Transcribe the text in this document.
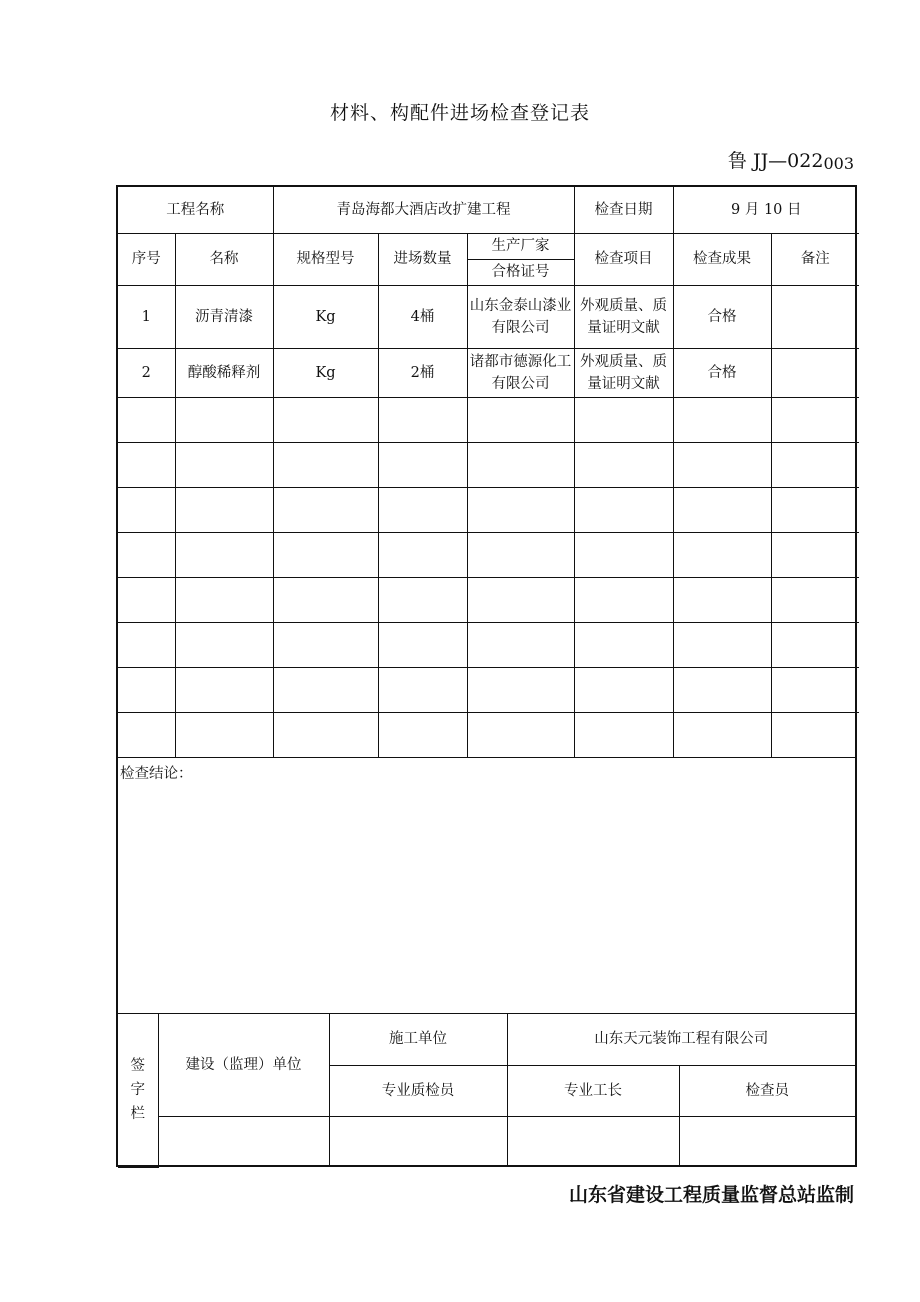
材料、构配件进场检查登记表
鲁 JJ—022003
工程名称		青岛海都大酒店改扩建工程			检查日期	9 月 10 日	
序号	名称	规格型号	进场数量	生产厂家	检查项目	检查成果	备注
				合格证号			
1	沥青清漆	Kg	4桶	山东金泰山漆业有限公司	外观质量、质量证明文献	合格	
2	醇酸稀释剂	Kg	2桶	诸都市德源化工有限公司	外观质量、质量证明文献	合格	

检查结论：
签字栏	建设（监理）单位	施工单位	山东天元装饰工程有限公司	
		专业质检员	专业工长	检查员

山东省建设工程质量监督总站监制
